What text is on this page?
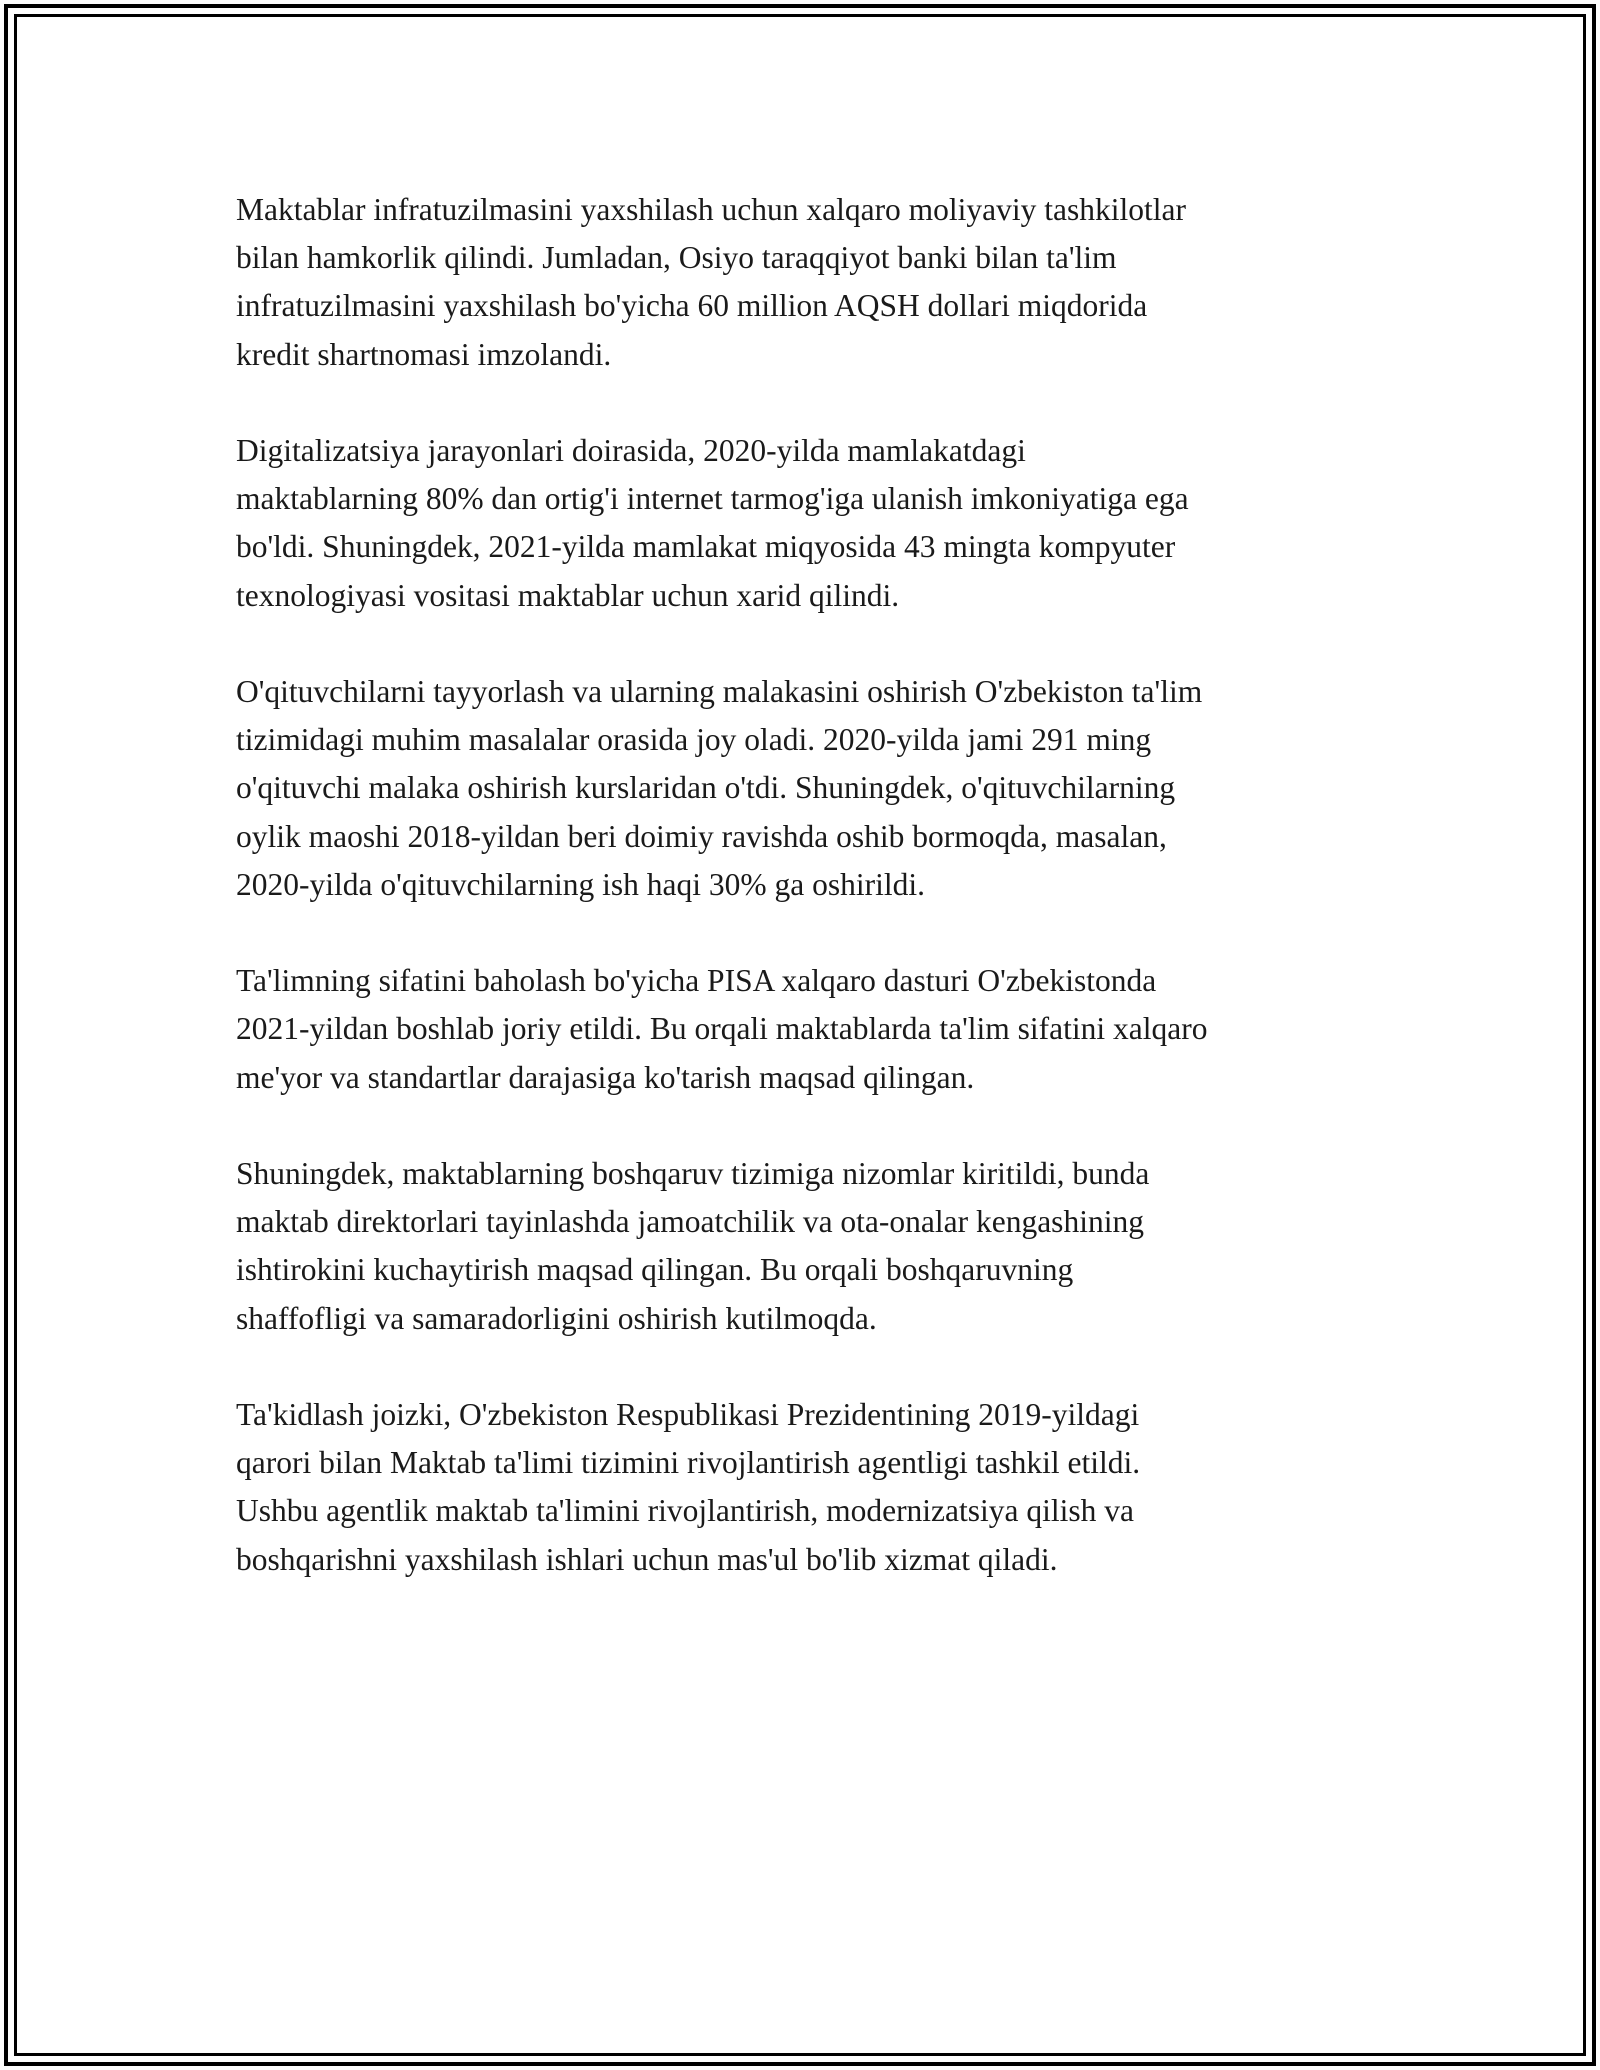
Maktablar infratuzilmasini yaxshilash uchun xalqaro moliyaviy tashkilotlar
bilan hamkorlik qilindi. Jumladan, Osiyo taraqqiyot banki bilan ta'lim
infratuzilmasini yaxshilash bo'yicha 60 million AQSH dollari miqdorida
kredit shartnomasi imzolandi.

Digitalizatsiya jarayonlari doirasida, 2020-yilda mamlakatdagi
maktablarning 80% dan ortig'i internet tarmog'iga ulanish imkoniyatiga ega
bo'ldi. Shuningdek, 2021-yilda mamlakat miqyosida 43 mingta kompyuter
texnologiyasi vositasi maktablar uchun xarid qilindi.

O'qituvchilarni tayyorlash va ularning malakasini oshirish O'zbekiston ta'lim
tizimidagi muhim masalalar orasida joy oladi. 2020-yilda jami 291 ming
o'qituvchi malaka oshirish kurslaridan o'tdi. Shuningdek, o'qituvchilarning
oylik maoshi 2018-yildan beri doimiy ravishda oshib bormoqda, masalan,
2020-yilda o'qituvchilarning ish haqi 30% ga oshirildi.

Ta'limning sifatini baholash bo'yicha PISA xalqaro dasturi O'zbekistonda
2021-yildan boshlab joriy etildi. Bu orqali maktablarda ta'lim sifatini xalqaro
me'yor va standartlar darajasiga ko'tarish maqsad qilingan.

Shuningdek, maktablarning boshqaruv tizimiga nizomlar kiritildi, bunda
maktab direktorlari tayinlashda jamoatchilik va ota-onalar kengashining
ishtirokini kuchaytirish maqsad qilingan. Bu orqali boshqaruvning
shaffofligi va samaradorligini oshirish kutilmoqda.

Ta'kidlash joizki, O'zbekiston Respublikasi Prezidentining 2019-yildagi
qarori bilan Maktab ta'limi tizimini rivojlantirish agentligi tashkil etildi.
Ushbu agentlik maktab ta'limini rivojlantirish, modernizatsiya qilish va
boshqarishni yaxshilash ishlari uchun mas'ul bo'lib xizmat qiladi.
